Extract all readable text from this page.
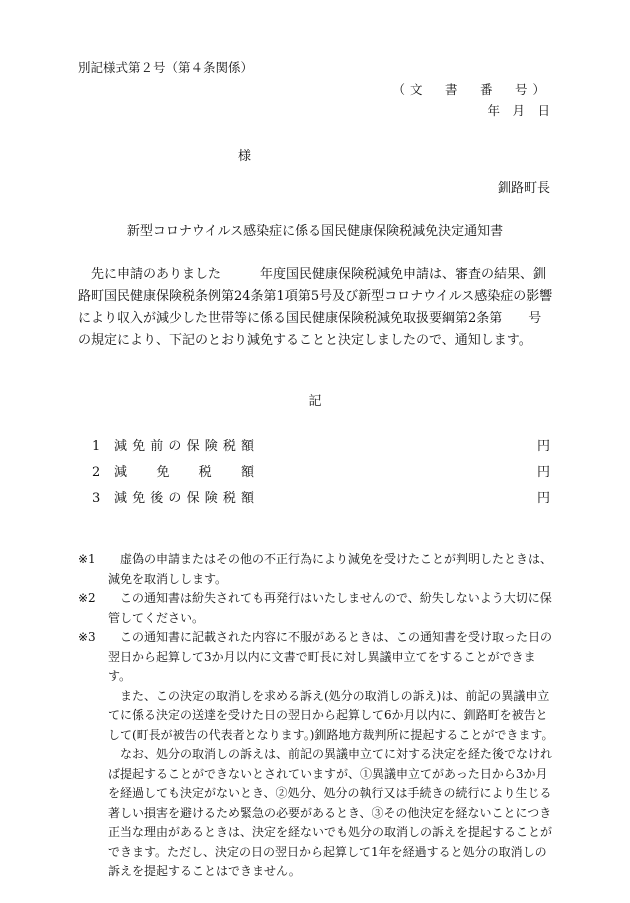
別記様式第２号（第４条関係）
（文　書　番　号）
年　月　日
様
釧路町長
新型コロナウイルス感染症に係る国民健康保険税減免決定通知書

先に申請のありました　　　年度国民健康保険税減免申請は、審査の結果、釧路町国民健康保険税条例第24条第1項第5号及び新型コロナウイルス感染症の影響により収入が減少した世帯等に係る国民健康保険税減免取扱要綱第2条第　　号の規定により、下記のとおり減免することと決定しましたので、通知します。

記
1	減免前の保険税額	円
2	減免税額	円
3	減免後の保険税額	円
※1	虚偽の申請またはその他の不正行為により減免を受けたことが判明したときは、減免を取消しします。

※2	この通知書は紛失されても再発行はいたしませんので、紛失しないよう大切に保管してください。

※3	この通知書に記載された内容に不服があるときは、この通知書を受け取った日の翌日から起算して3か月以内に文書で町長に対し異議申立てをすることができます。

また、この決定の取消しを求める訴え(処分の取消しの訴え)は、前記の異議申立てに係る決定の送達を受けた日の翌日から起算して6か月以内に、釧路町を被告として(町長が被告の代表者となります。)釧路地方裁判所に提起することができます。

なお、処分の取消しの訴えは、前記の異議申立てに対する決定を経た後でなければ提起することができないとされていますが、①異議申立てがあった日から3か月を経過しても決定がないとき、②処分、処分の執行又は手続きの続行により生じる著しい損害を避けるため緊急の必要があるとき、③その他決定を経ないことにつき正当な理由があるときは、決定を経ないでも処分の取消しの訴えを提起することができます。ただし、決定の日の翌日から起算して1年を経過すると処分の取消しの訴えを提起することはできません。
